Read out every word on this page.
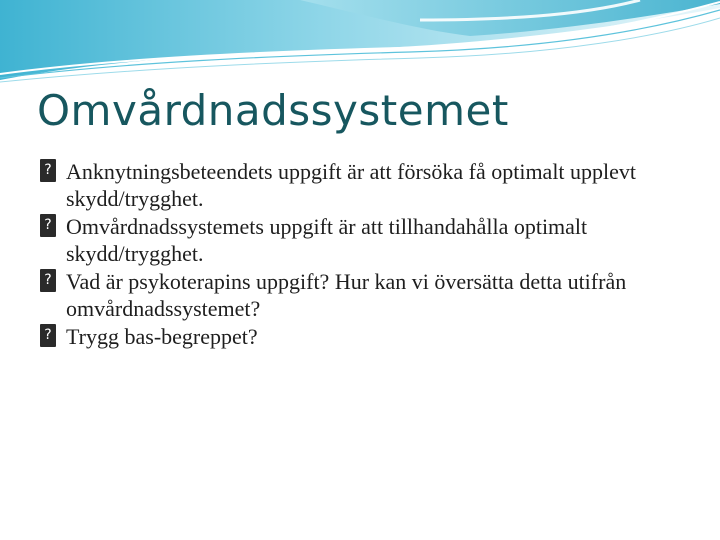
Omvårdnadssystemet
? Anknytningsbeteendets uppgift är att försöka få optimalt upplevt skydd/trygghet.
? Omvårdnadssystemets uppgift är att tillhandahålla optimalt skydd/trygghet.
? Vad är psykoterapins uppgift? Hur kan vi översätta detta utifrån omvårdnadssystemet?
? Trygg bas-begreppet?
